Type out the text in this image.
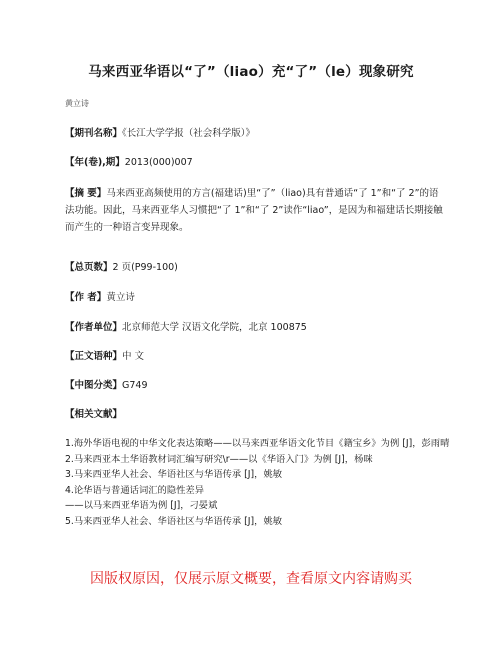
马来西亚华语以“了”（liao）充“了”（le）现象研究
黄立诗
【期刊名称】《长江大学学报（社会科学版）》
【年(卷),期】2013(000)007
【摘 要】马来西亚高频使用的方言(福建话)里“了”（liao)具有普通话“了 1”和“了 2”的语法功能。因此，马来西亚华人习惯把“了 1”和“了 2”读作“liao”，是因为和福建话长期接触而产生的一种语言变异现象。
【总页数】2 页(P99-100)
【作 者】黄立诗
【作者单位】北京师范大学 汉语文化学院，北京 100875
【正文语种】中 文
【中图分类】G749
【相关文献】
1.海外华语电视的中华文化表达策略——以马来西亚华语文化节目《籍宝乡》为例 [J]，彭雨晴
2.马来西亚本土华语教材词汇编写研究\r——以《华语入门》为例 [J]，杨咪
3.马来西亚华人社会、华语社区与华语传承 [J]，姚敏
4.论华语与普通话词汇的隐性差异
——以马来西亚华语为例 [J]，刁晏斌
5.马来西亚华人社会、华语社区与华语传承 [J]，姚敏
因版权原因，仅展示原文概要，查看原文内容请购买
